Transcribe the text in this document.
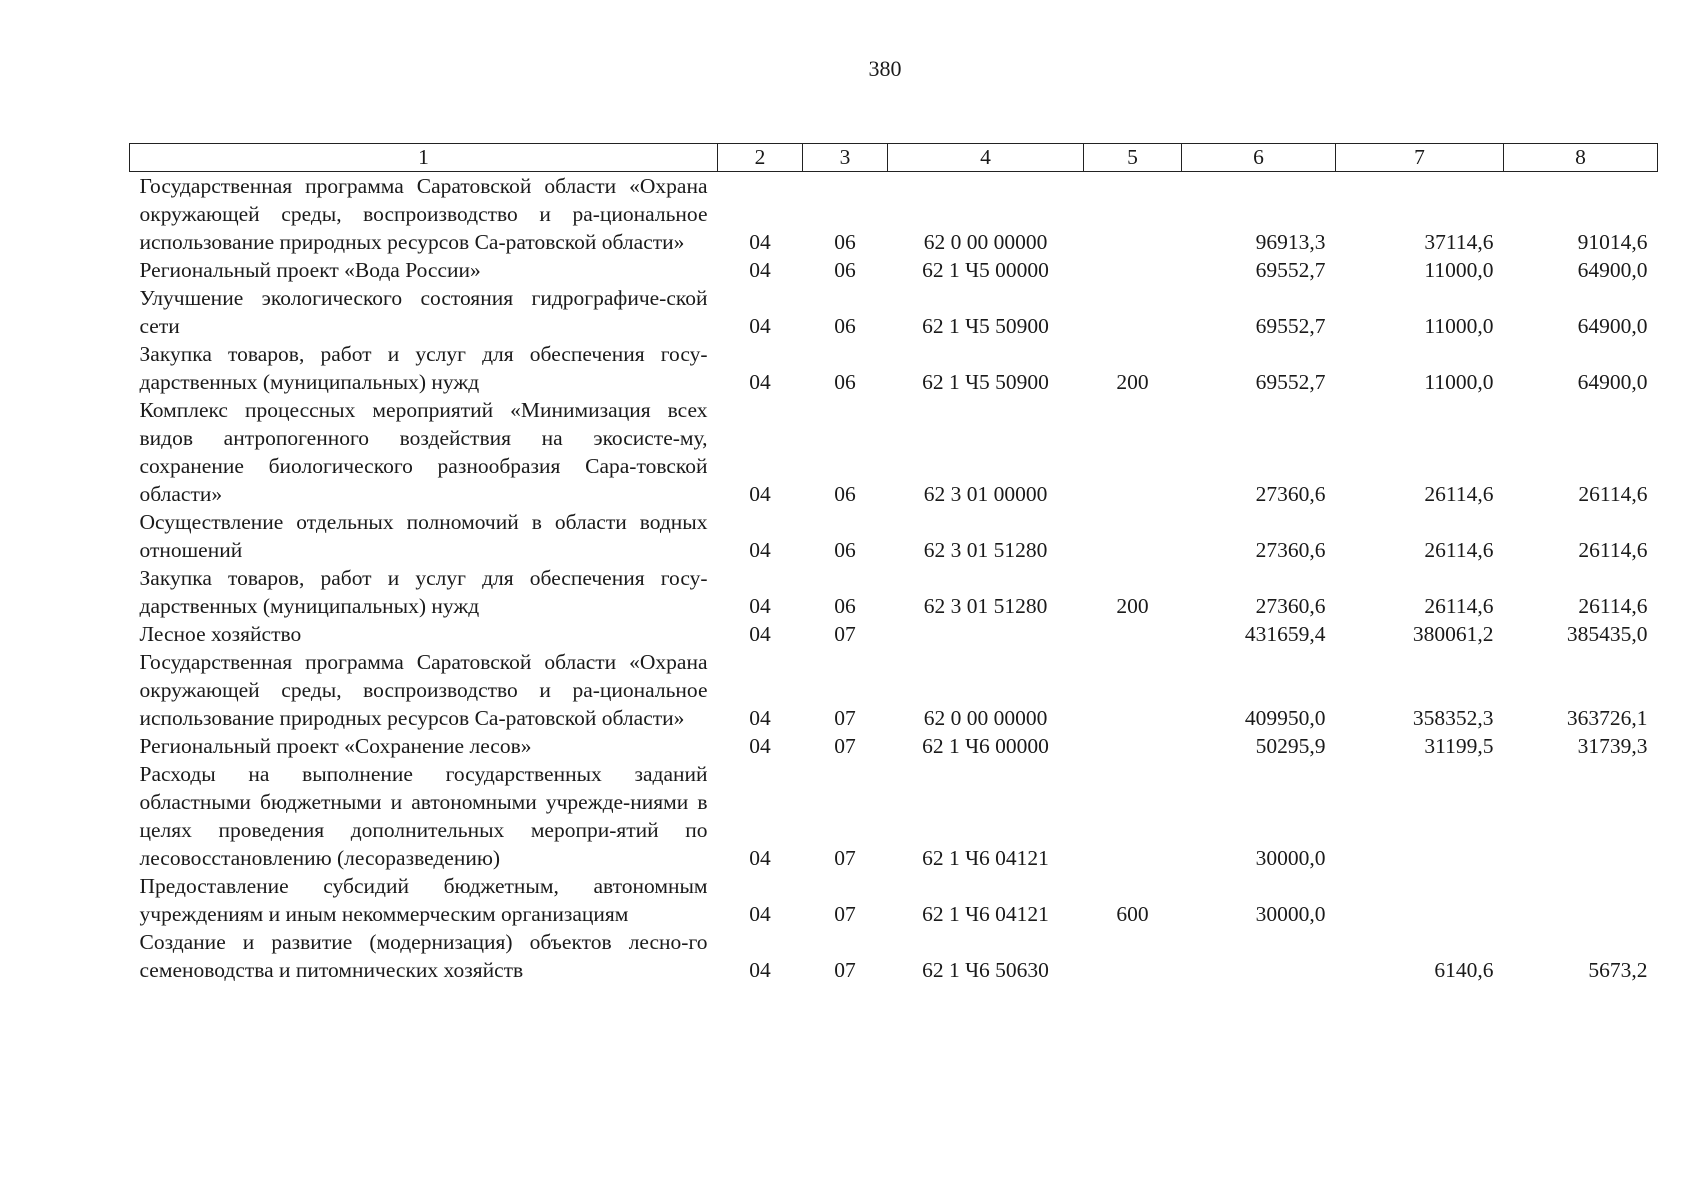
380
1	2	3	4	5	6	7	8
Государственная программа Саратовской области «Охрана окружающей среды, воспроизводство и ра-циональное использование природных ресурсов Са-ратовской области»	04	06	62 0 00 00000		96913,3	37114,6	91014,6
Региональный проект «Вода России»	04	06	62 1 Ч5 00000		69552,7	11000,0	64900,0
Улучшение экологического состояния гидрографиче-ской сети	04	06	62 1 Ч5 50900		69552,7	11000,0	64900,0
Закупка товаров, работ и услуг для обеспечения госу-дарственных (муниципальных) нужд	04	06	62 1 Ч5 50900	200	69552,7	11000,0	64900,0
Комплекс процессных мероприятий «Минимизация всех видов антропогенного воздействия на экосисте-му, сохранение биологического разнообразия Сара-товской области»	04	06	62 3 01 00000		27360,6	26114,6	26114,6
Осуществление отдельных полномочий в области водных отношений	04	06	62 3 01 51280		27360,6	26114,6	26114,6
Закупка товаров, работ и услуг для обеспечения госу-дарственных (муниципальных) нужд	04	06	62 3 01 51280	200	27360,6	26114,6	26114,6
Лесное хозяйство	04	07			431659,4	380061,2	385435,0
Государственная программа Саратовской области «Охрана окружающей среды, воспроизводство и ра-циональное использование природных ресурсов Са-ратовской области»	04	07	62 0 00 00000		409950,0	358352,3	363726,1
Региональный проект «Сохранение лесов»	04	07	62 1 Ч6 00000		50295,9	31199,5	31739,3
Расходы на выполнение государственных заданий областными бюджетными и автономными учрежде-ниями в целях проведения дополнительных меропри-ятий по лесовосстановлению (лесоразведению)	04	07	62 1 Ч6 04121		30000,0		
Предоставление субсидий бюджетным, автономным учреждениям и иным некоммерческим организациям	04	07	62 1 Ч6 04121	600	30000,0		
Создание и развитие (модернизация) объектов лесно-го семеноводства и питомнических хозяйств	04	07	62 1 Ч6 50630			6140,6	5673,2
